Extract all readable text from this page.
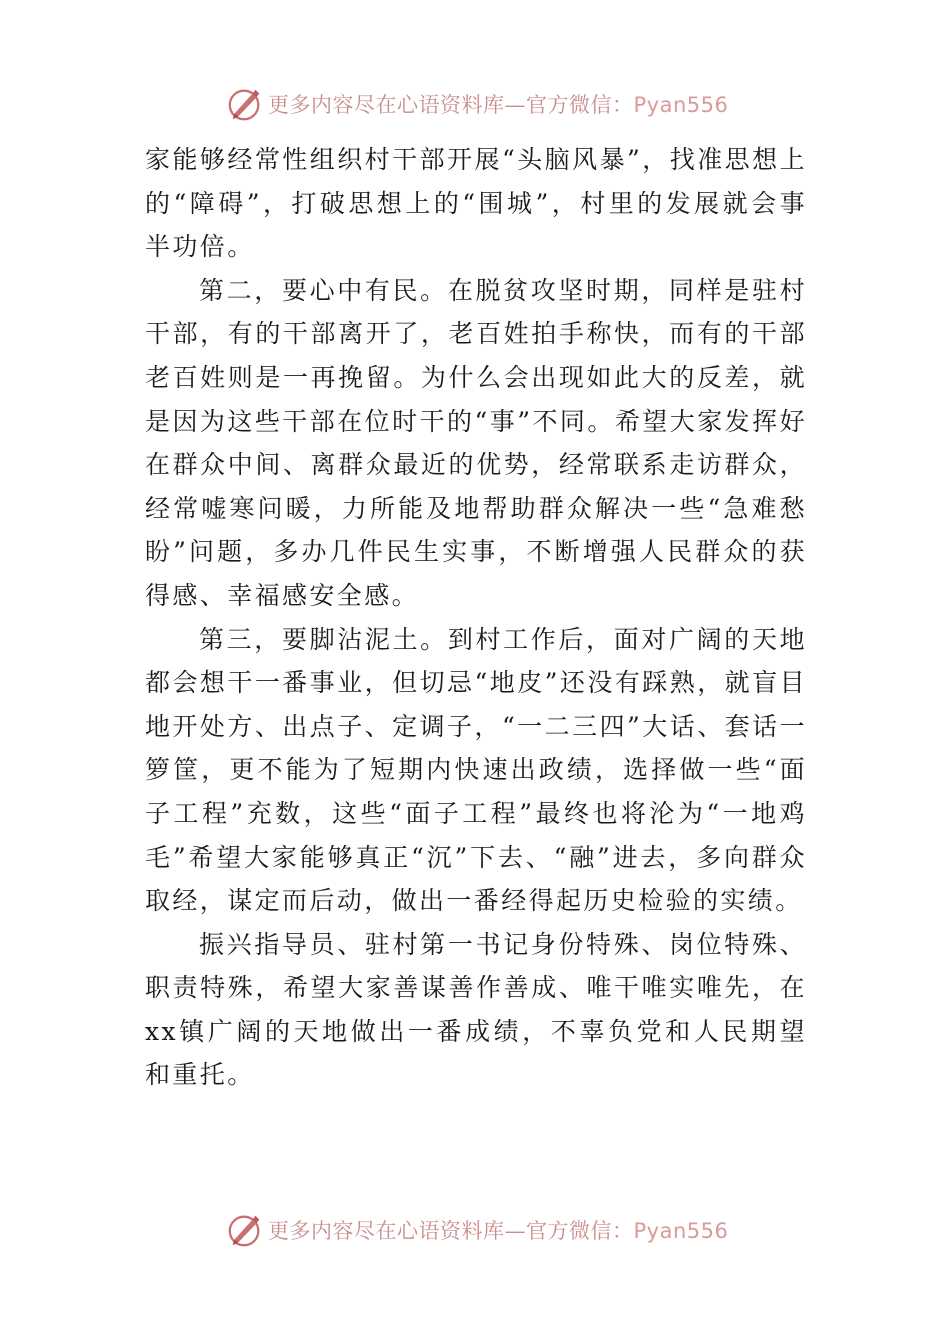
更多内容尽在心语资料库—官方微信：Pyan556

家能够经常性组织村干部开展“头脑风暴”，找准思想上的“障碍”，打破思想上的“围城”，村里的发展就会事半功倍。

第二，要心中有民。在脱贫攻坚时期，同样是驻村干部，有的干部离开了，老百姓拍手称快，而有的干部老百姓则是一再挽留。为什么会出现如此大的反差，就是因为这些干部在位时干的“事”不同。希望大家发挥好在群众中间、离群众最近的优势，经常联系走访群众，经常嘘寒问暖，力所能及地帮助群众解决一些“急难愁盼”问题，多办几件民生实事，不断增强人民群众的获得感、幸福感安全感。

第三，要脚沾泥土。到村工作后，面对广阔的天地都会想干一番事业，但切忌“地皮”还没有踩熟，就盲目地开处方、出点子、定调子，“一二三四”大话、套话一箩筐，更不能为了短期内快速出政绩，选择做一些“面子工程”充数，这些“面子工程”最终也将沦为“一地鸡毛”希望大家能够真正“沉”下去、“融”进去，多向群众取经，谋定而后动，做出一番经得起历史检验的实绩。

振兴指导员、驻村第一书记身份特殊、岗位特殊、职责特殊，希望大家善谋善作善成、唯干唯实唯先，在xx镇广阔的天地做出一番成绩，不辜负党和人民期望和重托。

更多内容尽在心语资料库—官方微信：Pyan556
